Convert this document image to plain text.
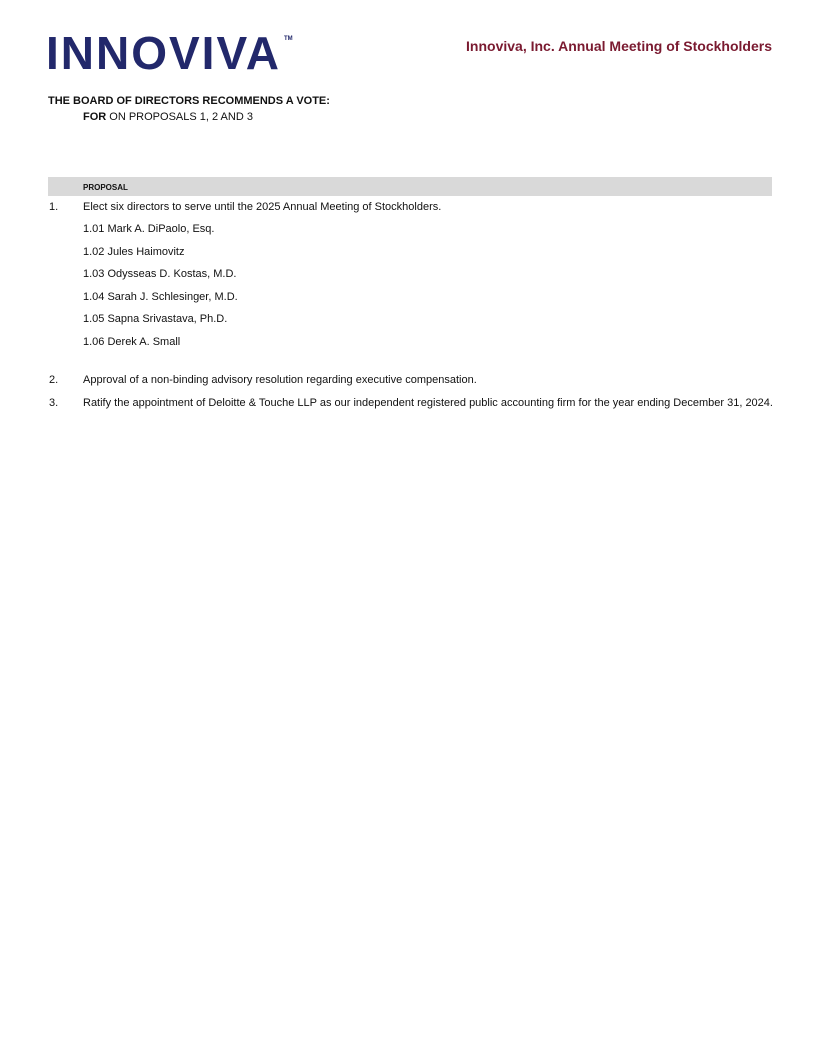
INNOVIVA TM	Innoviva, Inc. Annual Meeting of Stockholders
THE BOARD OF DIRECTORS RECOMMENDS A VOTE:
FOR ON PROPOSALS 1, 2 AND 3
PROPOSAL
1. Elect six directors to serve until the 2025 Annual Meeting of Stockholders.
1.01 Mark A. DiPaolo, Esq.
1.02 Jules Haimovitz
1.03 Odysseas D. Kostas, M.D.
1.04 Sarah J. Schlesinger, M.D.
1.05 Sapna Srivastava, Ph.D.
1.06 Derek A. Small
2. Approval of a non-binding advisory resolution regarding executive compensation.
3. Ratify the appointment of Deloitte & Touche LLP as our independent registered public accounting firm for the year ending December 31, 2024.
